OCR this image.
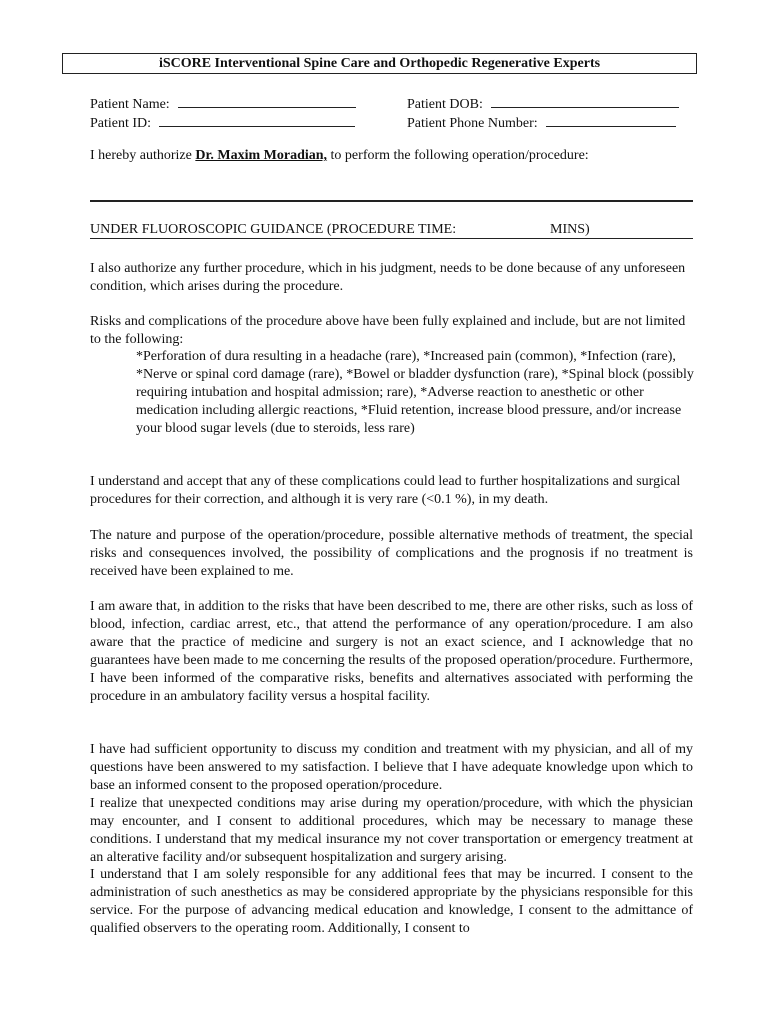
iSCORE Interventional Spine Care and Orthopedic Regenerative Experts
Patient Name:
Patient ID:
Patient DOB:
Patient Phone Number:
I hereby authorize Dr. Maxim Moradian, to perform the following operation/procedure:
UNDER FLUOROSCOPIC GUIDANCE (PROCEDURE TIME:	MINS)

I also authorize any further procedure, which in his judgment, needs to be done because of any unforeseen condition, which arises during the procedure.

Risks and complications of the procedure above have been fully explained and include, but are not limited to the following:

*Perforation of dura resulting in a headache (rare), *Increased pain (common), *Infection (rare), *Nerve or spinal cord damage (rare), *Bowel or bladder dysfunction (rare), *Spinal block (possibly requiring intubation and hospital admission; rare), *Adverse reaction to anesthetic or other medication including allergic reactions, *Fluid retention, increase blood pressure, and/or increase your blood sugar levels (due to steroids, less rare)

I understand and accept that any of these complications could lead to further hospitalizations and surgical procedures for their correction, and although it is very rare (<0.1 %), in my death.

The nature and purpose of the operation/procedure, possible alternative methods of treatment, the special risks and consequences involved, the possibility of complications and the prognosis if no treatment is received have been explained to me.

I am aware that, in addition to the risks that have been described to me, there are other risks, such as loss of blood, infection, cardiac arrest, etc., that attend the performance of any operation/procedure. I am also aware that the practice of medicine and surgery is not an exact science, and I acknowledge that no guarantees have been made to me concerning the results of the proposed operation/procedure. Furthermore, I have been informed of the comparative risks, benefits and alternatives associated with performing the procedure in an ambulatory facility versus a hospital facility.

I have had sufficient opportunity to discuss my condition and treatment with my physician, and all of my questions have been answered to my satisfaction. I believe that I have adequate knowledge upon which to base an informed consent to the proposed operation/procedure.

I realize that unexpected conditions may arise during my operation/procedure, with which the physician may encounter, and I consent to additional procedures, which may be necessary to manage these conditions. I understand that my medical insurance my not cover transportation or emergency treatment at an alterative facility and/or subsequent hospitalization and surgery arising.

I understand that I am solely responsible for any additional fees that may be incurred. I consent to the administration of such anesthetics as may be considered appropriate by the physicians responsible for this service. For the purpose of advancing medical education and knowledge, I consent to the admittance of qualified observers to the operating room. Additionally, I consent to
